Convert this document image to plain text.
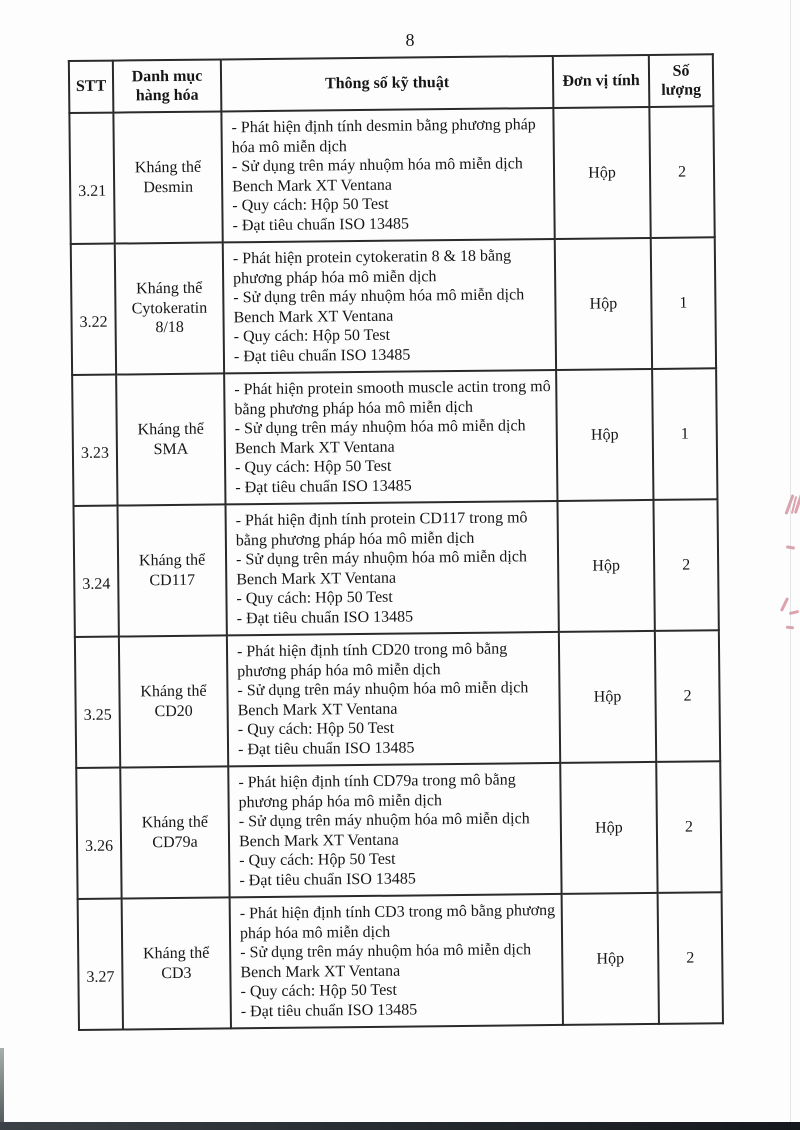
8
STT	Danh mục hàng hóa	Thông số kỹ thuật	Đơn vị tính	Số lượng
3.21	Kháng thể Desmin	- Phát hiện định tính desmin bằng phương pháp hóa mô miễn dịch
- Sử dụng trên máy nhuộm hóa mô miễn dịch Bench Mark XT Ventana
- Quy cách: Hộp 50 Test
- Đạt tiêu chuẩn ISO 13485	Hộp	2
3.22	Kháng thể Cytokeratin 8/18	- Phát hiện protein cytokeratin 8 & 18 bằng phương pháp hóa mô miễn dịch
- Sử dụng trên máy nhuộm hóa mô miễn dịch Bench Mark XT Ventana
- Quy cách: Hộp 50 Test
- Đạt tiêu chuẩn ISO 13485	Hộp	1
3.23	Kháng thể SMA	- Phát hiện protein smooth muscle actin trong mô bằng phương pháp hóa mô miễn dịch
- Sử dụng trên máy nhuộm hóa mô miễn dịch Bench Mark XT Ventana
- Quy cách: Hộp 50 Test
- Đạt tiêu chuẩn ISO 13485	Hộp	1
3.24	Kháng thể CD117	- Phát hiện định tính protein CD117 trong mô bằng phương pháp hóa mô miễn dịch
- Sử dụng trên máy nhuộm hóa mô miễn dịch Bench Mark XT Ventana
- Quy cách: Hộp 50 Test
- Đạt tiêu chuẩn ISO 13485	Hộp	2
3.25	Kháng thể CD20	- Phát hiện định tính CD20 trong mô bằng phương pháp hóa mô miễn dịch
- Sử dụng trên máy nhuộm hóa mô miễn dịch Bench Mark XT Ventana
- Quy cách: Hộp 50 Test
- Đạt tiêu chuẩn ISO 13485	Hộp	2
3.26	Kháng thể CD79a	- Phát hiện định tính CD79a trong mô bằng phương pháp hóa mô miễn dịch
- Sử dụng trên máy nhuộm hóa mô miễn dịch Bench Mark XT Ventana
- Quy cách: Hộp 50 Test
- Đạt tiêu chuẩn ISO 13485	Hộp	2
3.27	Kháng thể CD3	- Phát hiện định tính CD3 trong mô bằng phương pháp hóa mô miễn dịch
- Sử dụng trên máy nhuộm hóa mô miễn dịch Bench Mark XT Ventana
- Quy cách: Hộp 50 Test
- Đạt tiêu chuẩn ISO 13485	Hộp	2
